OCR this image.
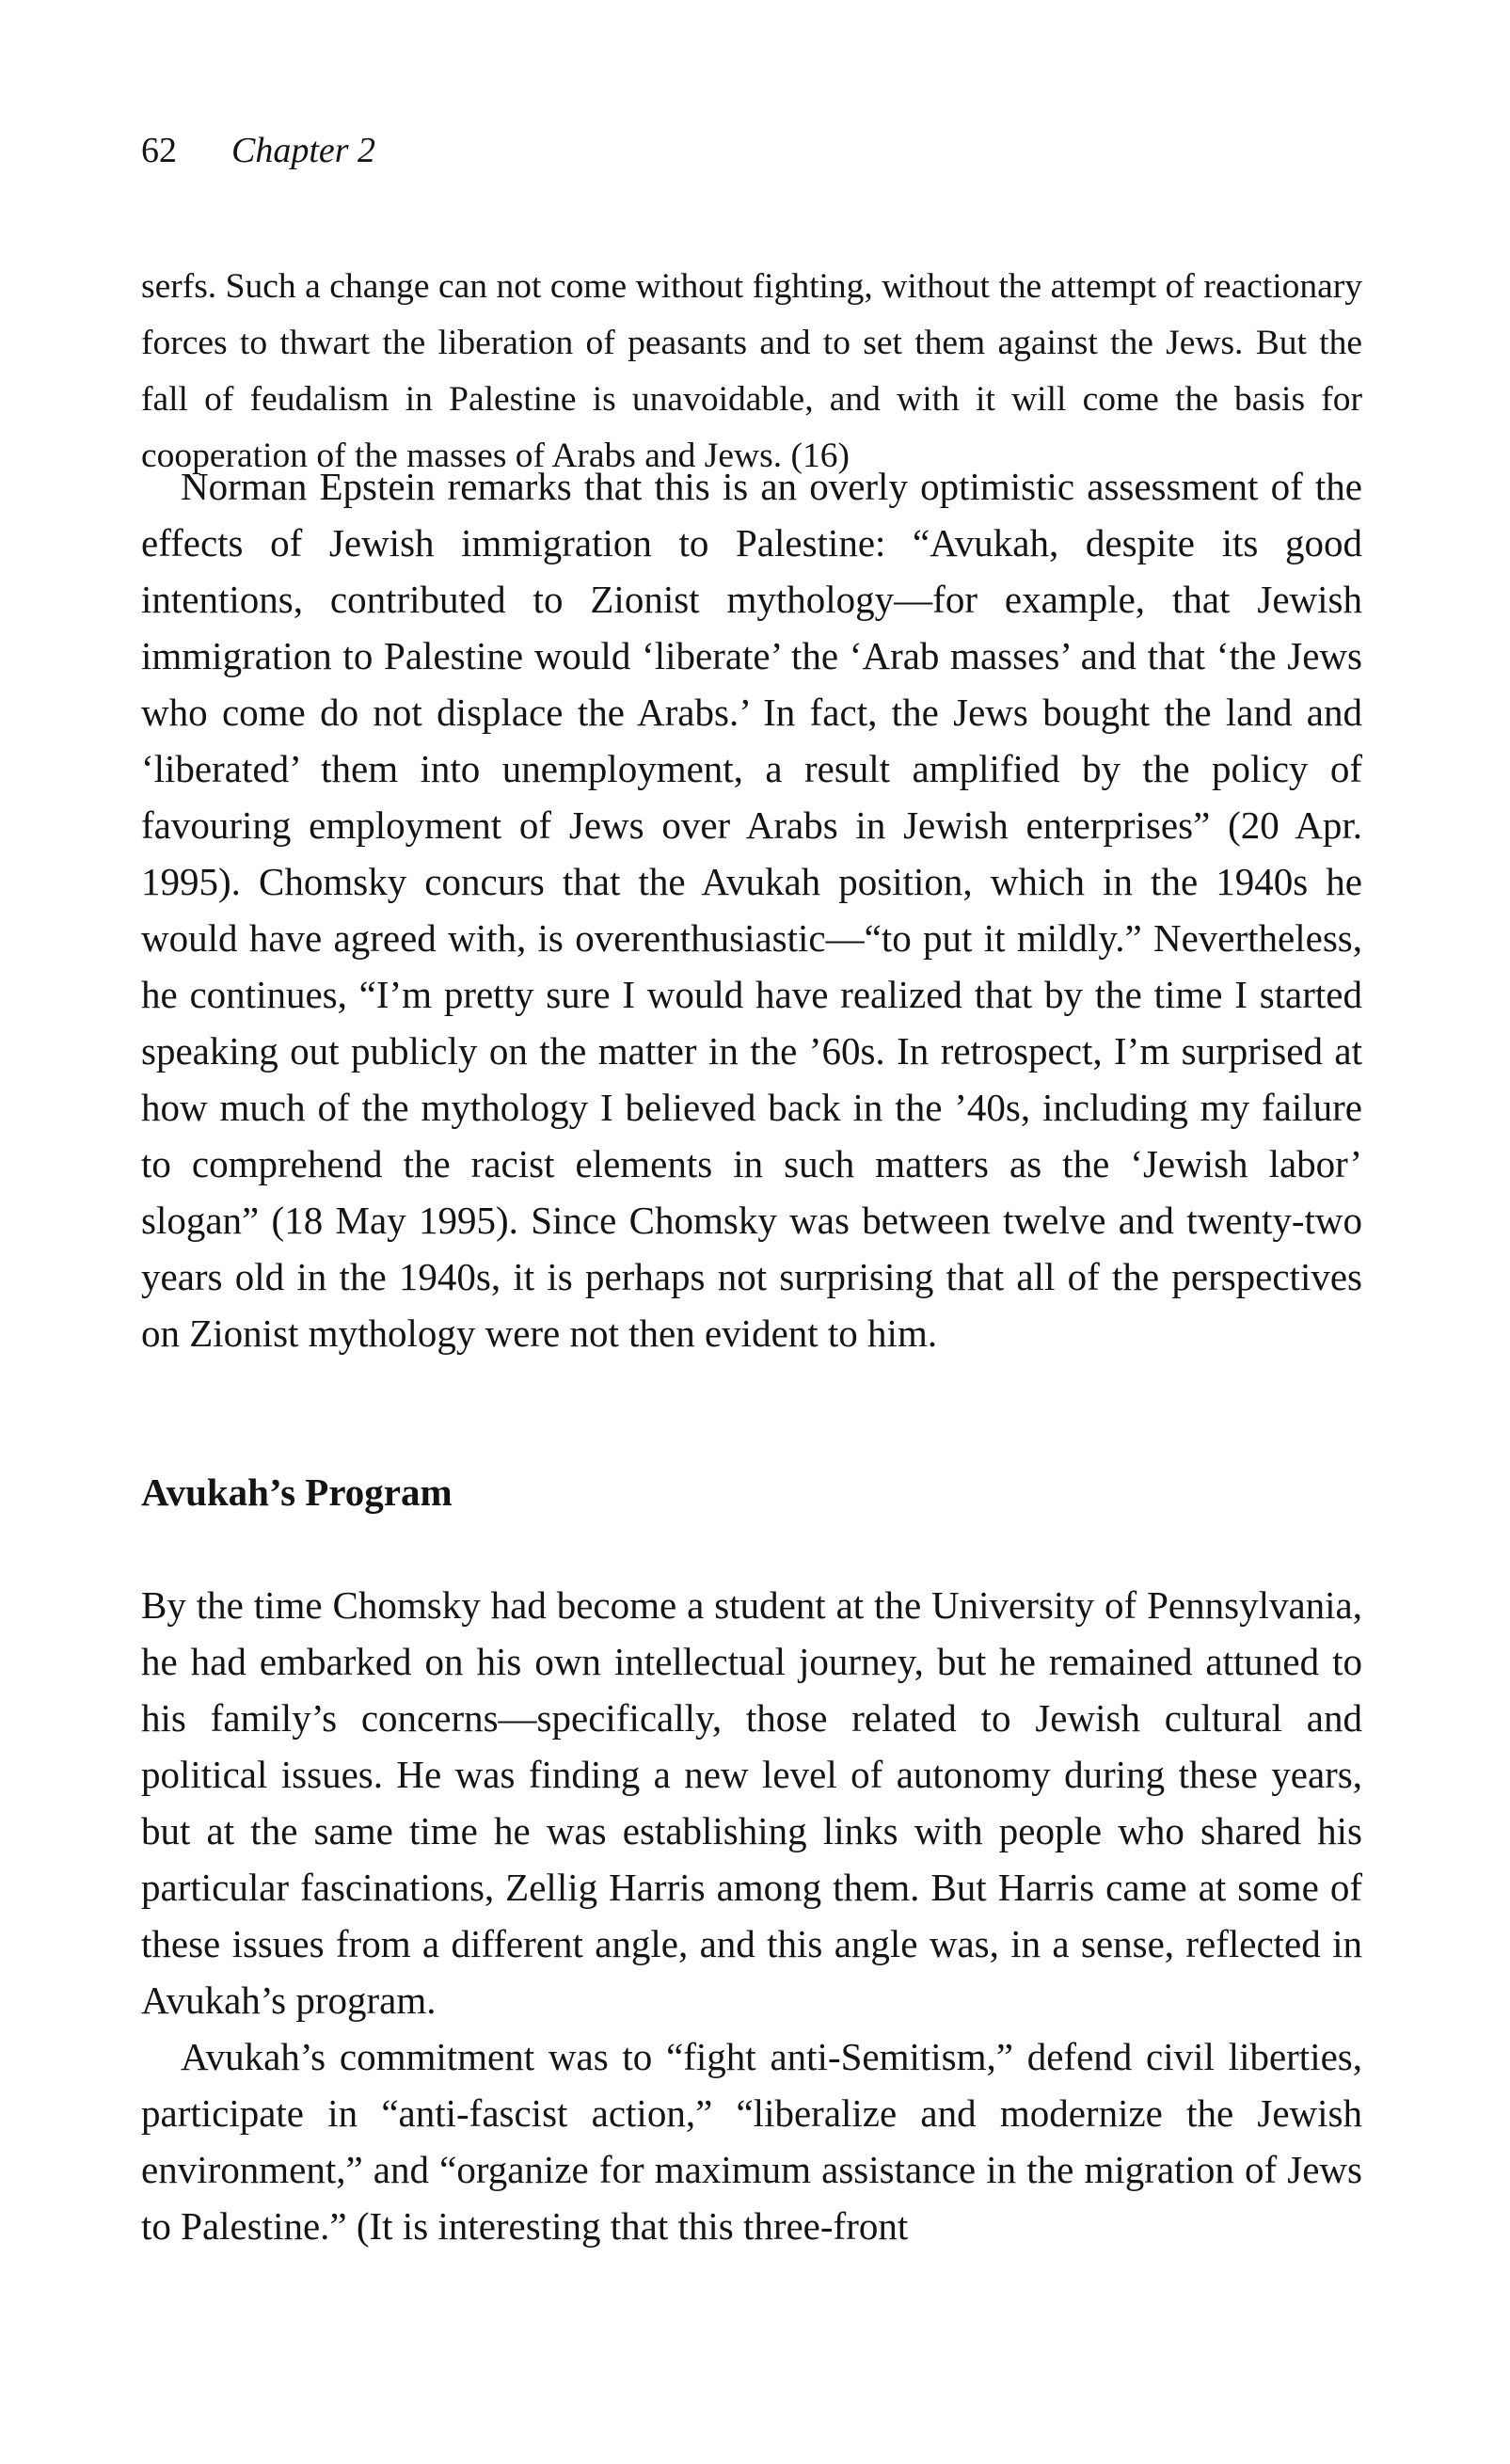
62 Chapter 2

serfs. Such a change can not come without fighting, without the attempt of reactionary forces to thwart the liberation of peasants and to set them against the Jews. But the fall of feudalism in Palestine is unavoidable, and with it will come the basis for cooperation of the masses of Arabs and Jews. (16)

Norman Epstein remarks that this is an overly optimistic assessment of the effects of Jewish immigration to Palestine: “Avukah, despite its good intentions, contributed to Zionist mythology—for example, that Jewish immigration to Palestine would ‘liberate’ the ‘Arab masses’ and that ‘the Jews who come do not displace the Arabs.’ In fact, the Jews bought the land and ‘liberated’ them into unemployment, a result amplified by the policy of favouring employment of Jews over Arabs in Jewish enterprises” (20 Apr. 1995). Chomsky concurs that the Avukah position, which in the 1940s he would have agreed with, is overenthusiastic—“to put it mildly.” Nevertheless, he continues, “I’m pretty sure I would have realized that by the time I started speaking out publicly on the matter in the ’60s. In retrospect, I’m surprised at how much of the mythology I believed back in the ’40s, including my failure to comprehend the racist elements in such matters as the ‘Jewish labor’ slogan” (18 May 1995). Since Chomsky was between twelve and twenty-two years old in the 1940s, it is perhaps not surprising that all of the perspectives on Zionist mythology were not then evident to him.

Avukah’s Program

By the time Chomsky had become a student at the University of Pennsylvania, he had embarked on his own intellectual journey, but he remained attuned to his family’s concerns—specifically, those related to Jewish cultural and political issues. He was finding a new level of autonomy during these years, but at the same time he was establishing links with people who shared his particular fascinations, Zellig Harris among them. But Harris came at some of these issues from a different angle, and this angle was, in a sense, reflected in Avukah’s program.

Avukah’s commitment was to “fight anti-Semitism,” defend civil liberties, participate in “anti-fascist action,” “liberalize and modernize the Jewish environment,” and “organize for maximum assistance in the migration of Jews to Palestine.” (It is interesting that this three-front
